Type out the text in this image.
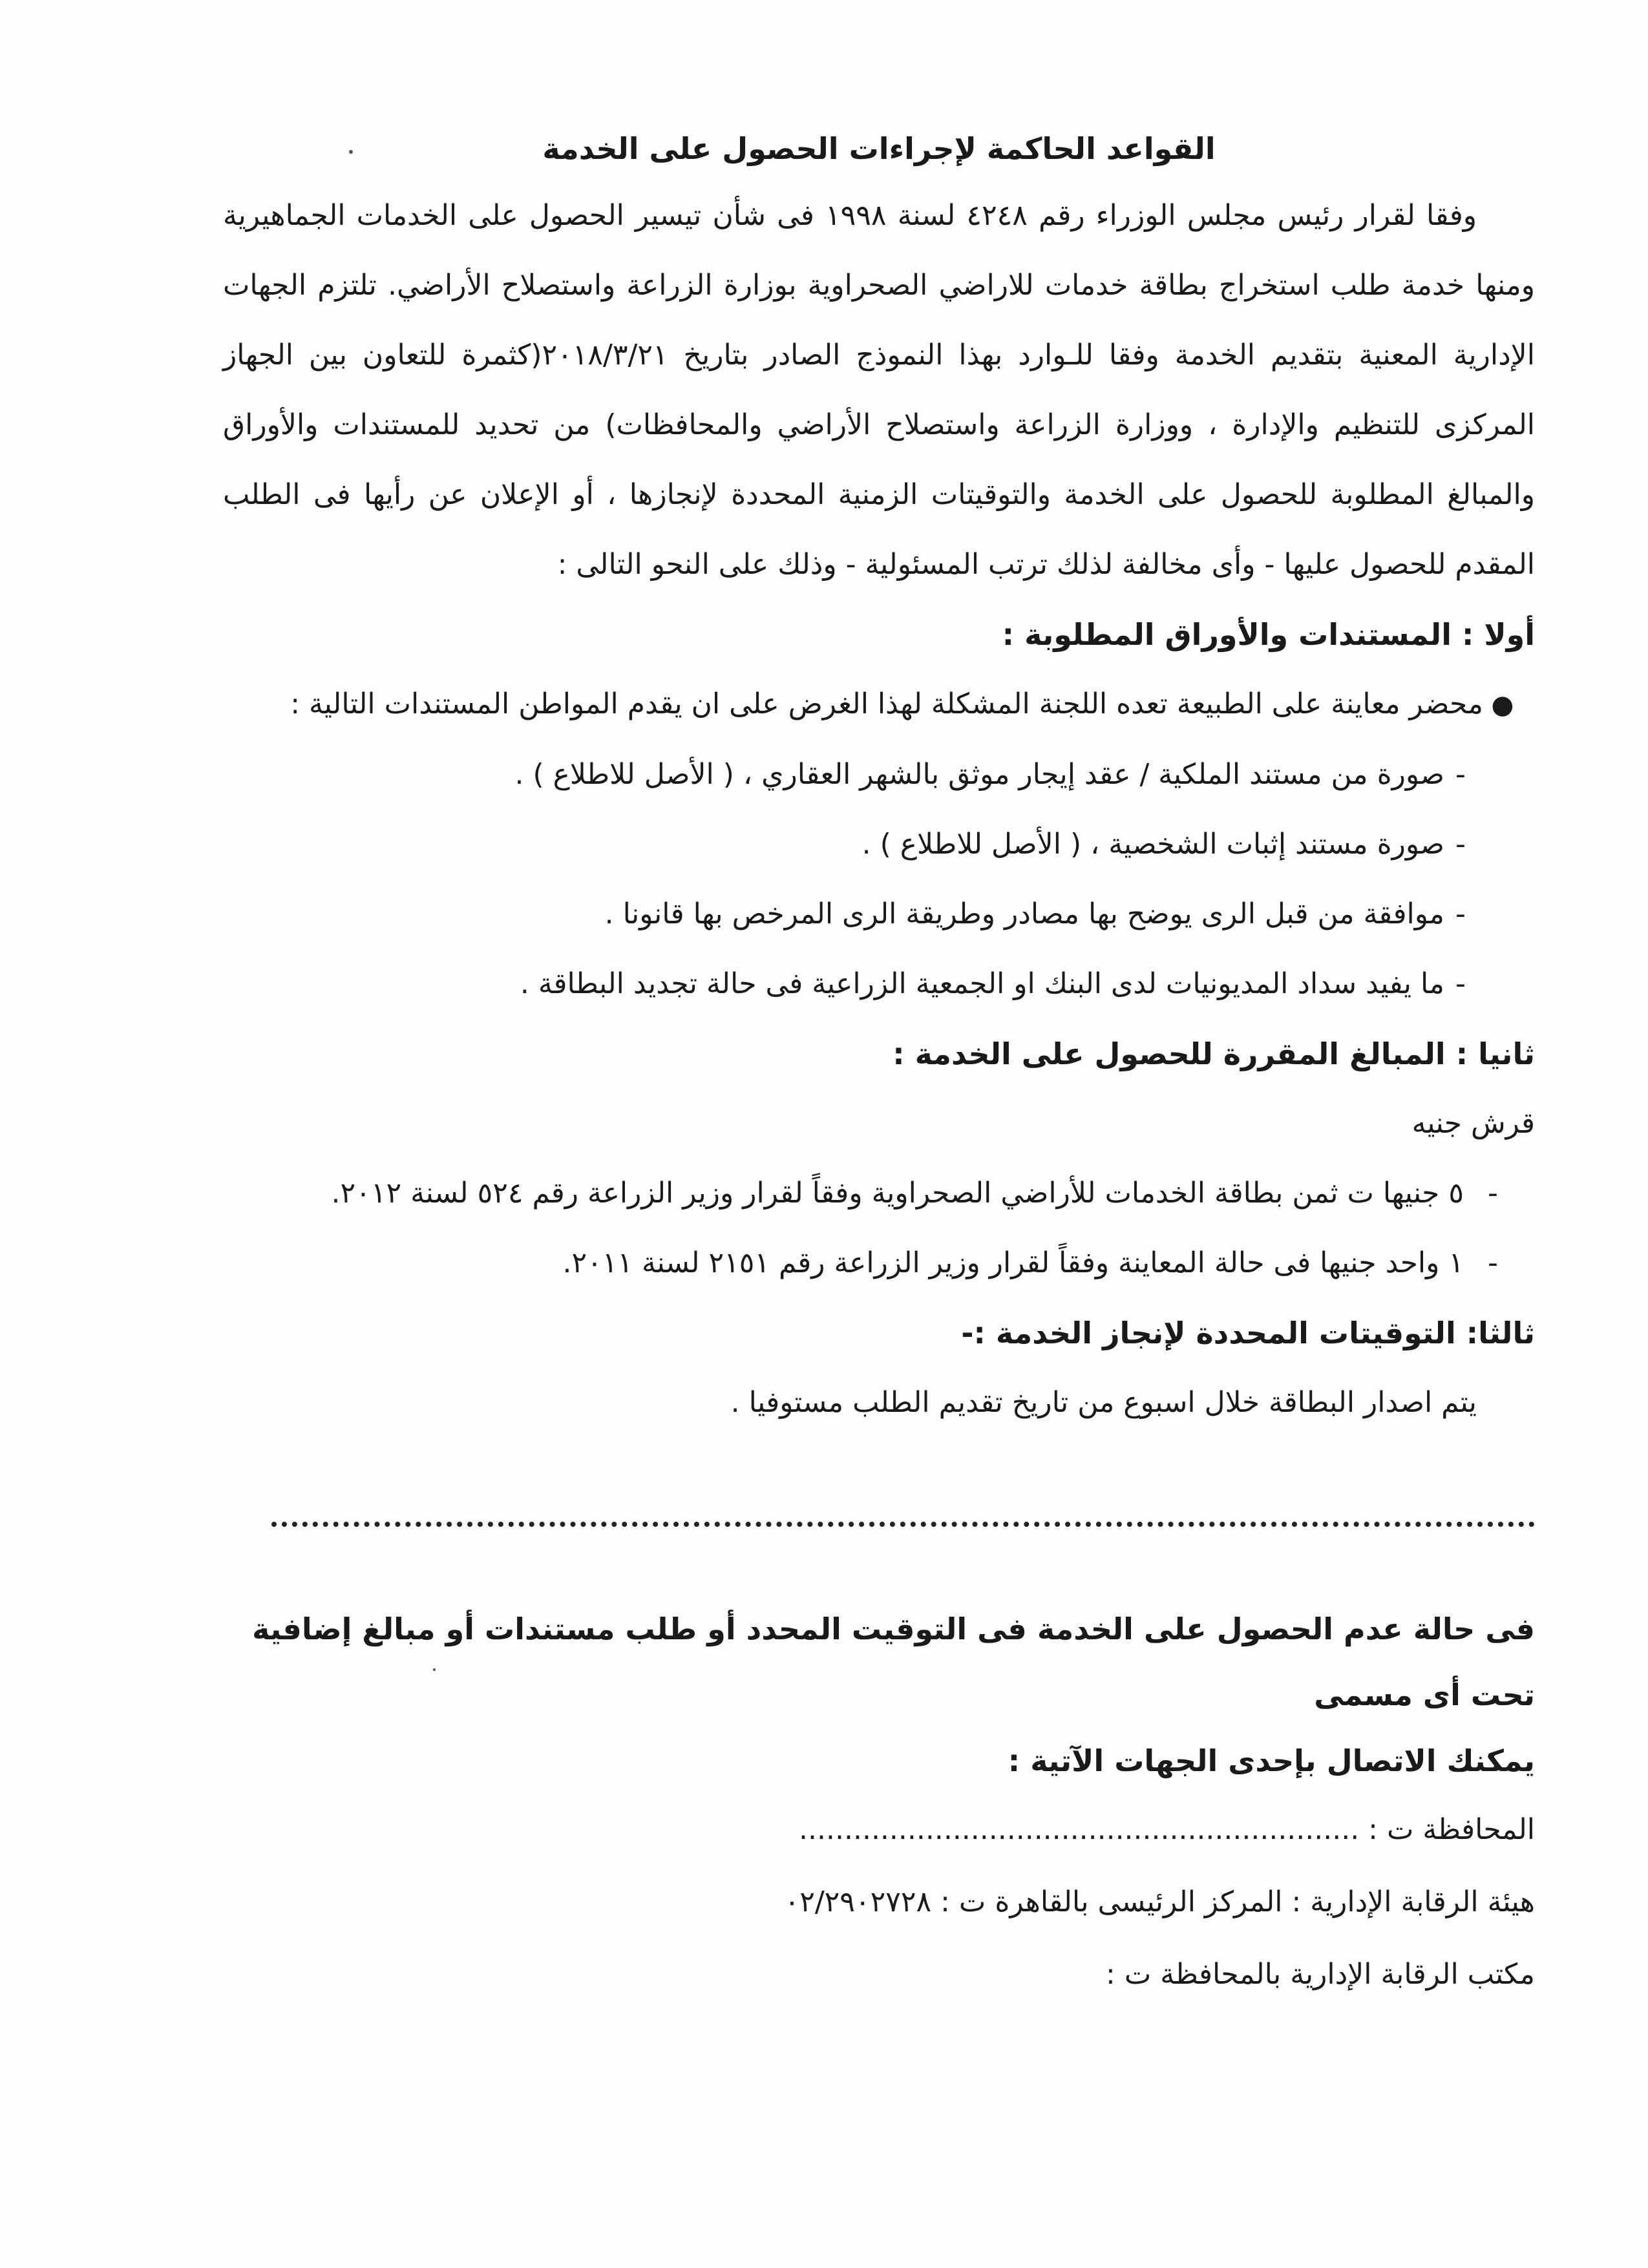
القواعد الحاكمة لإجراءات الحصول على الخدمة

وفقا لقرار رئيس مجلس الوزراء رقم ٤٢٤٨ لسنة ١٩٩٨ فى شأن تيسير الحصول على الخدمات الجماهيرية ومنها خدمة طلب استخراج بطاقة خدمات للاراضي الصحراوية بوزارة الزراعة واستصلاح الأراضي. تلتزم الجهات الإدارية المعنية بتقديم الخدمة وفقا للـوارد بهذا النموذج الصادر بتاريخ ٢٠١٨/٣/٢١(كثمرة للتعاون بين الجهاز المركزى للتنظيم والإدارة ، ووزارة الزراعة واستصلاح الأراضي والمحافظات) من تحديد للمستندات والأوراق والمبالغ المطلوبة للحصول على الخدمة والتوقيتات الزمنية المحددة لإنجازها ، أو الإعلان عن رأيها فى الطلب المقدم للحصول عليها - وأى مخالفة لذلك ترتب المسئولية - وذلك على النحو التالى :

أولا : المستندات والأوراق المطلوبة :

●
محضر معاينة على الطبيعة تعده اللجنة المشكلة لهذا الغرض على ان يقدم المواطن المستندات التالية :
-
صورة من مستند الملكية / عقد إيجار موثق بالشهر العقاري ، ( الأصل للاطلاع ) .
-
صورة مستند إثبات الشخصية ، ( الأصل للاطلاع ) .
-
موافقة من قبل الرى يوضح بها مصادر وطريقة الرى المرخص بها قانونا .
-
ما يفيد سداد المديونيات لدى البنك او الجمعية الزراعية فى حالة تجديد البطاقة .

ثانيا : المبالغ المقررة للحصول على الخدمة :

قرش جنيه

-
٥ جنيها ت ثمن بطاقة الخدمات للأراضي الصحراوية وفقاً لقرار وزير الزراعة رقم ٥٢٤ لسنة ٢٠١٢.
-
١ واحد جنيها فى حالة المعاينة وفقاً لقرار وزير الزراعة رقم ٢١٥١ لسنة ٢٠١١.

ثالثا: التوقيتات المحددة لإنجاز الخدمة :-

يتم اصدار البطاقة خلال اسبوع من تاريخ تقديم الطلب مستوفيا .

فى حالة عدم الحصول على الخدمة فى التوقيت المحدد أو طلب مستندات أو مبالغ إضافية تحت أى مسمى

يمكنك الاتصال بإحدى الجهات الآتية :

المحافظة ت : ..............................................................

هيئة الرقابة الإدارية : المركز الرئيسى بالقاهرة ت : ٠٢/٢٩٠٢٧٢٨

مكتب الرقابة الإدارية بالمحافظة ت :
